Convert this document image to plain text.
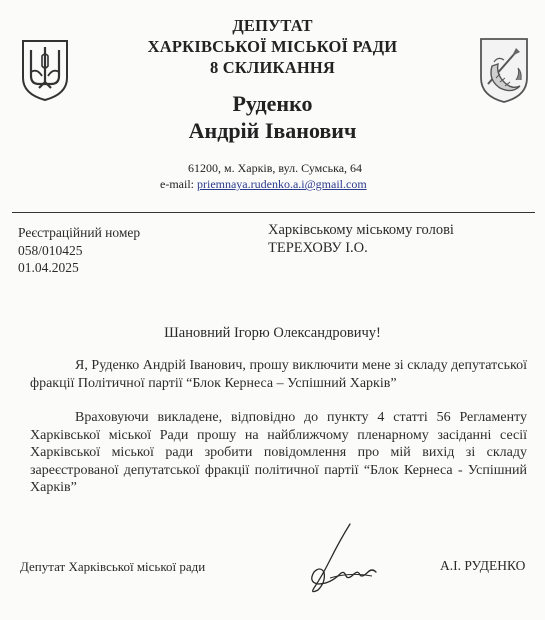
ДЕПУТАТ
ХАРКІВСЬКОЇ МІСЬКОЇ РАДИ
8 СКЛИКАННЯ
Руденко
Андрій Іванович
61200, м. Харків, вул. Сумська, 64
e-mail: priemnaya.rudenko.a.i@gmail.com
Реєстраційний номер
058/010425
01.04.2025
Харківському міському голові
ТЕРЕХОВУ І.О.
Шановний Ігорю Олександровичу!
Я, Руденко Андрій Іванович, прошу виключити мене зі складу депутатської фракції Політичної партії “Блок Кернеса – Успішний Харків”
Враховуючи викладене, відповідно до пункту 4 статті 56 Регламенту Харківської міської Ради прошу на найближчому пленарному засіданні сесії Харківської міської ради зробити повідомлення про мій вихід зі складу зареєстрованої депутатської фракції політичної партії “Блок Кернеса - Успішний Харків”
Депутат Харківської міської ради	А.І. РУДЕНКО
